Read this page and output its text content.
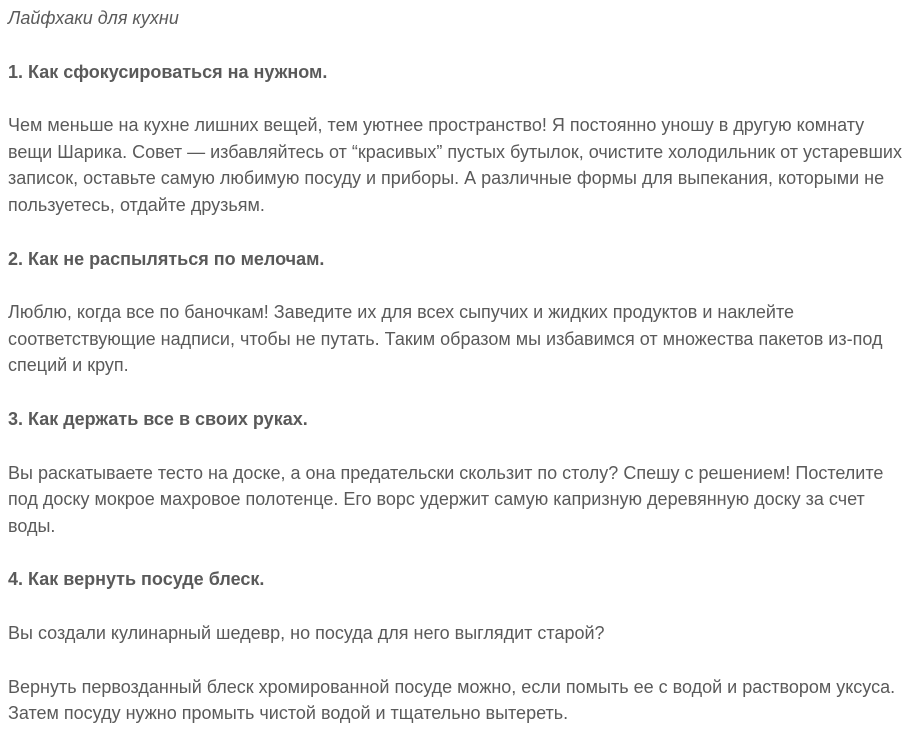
Лайфхаки для кухни

1. Как сфокусироваться на нужном.

Чем меньше на кухне лишних вещей, тем уютнее пространство! Я постоянно уношу в другую комнату вещи Шарика. Совет — избавляйтесь от “красивых” пустых бутылок, очистите холодильник от устаревших записок, оставьте самую любимую посуду и приборы. А различные формы для выпекания, которыми не пользуетесь, отдайте друзьям.

2. Как не распыляться по мелочам.

Люблю, когда все по баночкам! Заведите их для всех сыпучих и жидких продуктов и наклейте соответствующие надписи, чтобы не путать. Таким образом мы избавимся от множества пакетов из-под специй и круп.

3. Как держать все в своих руках.

Вы раскатываете тесто на доске, а она предательски скользит по столу? Спешу с решением! Постелите под доску мокрое махровое полотенце. Его ворс удержит самую капризную деревянную доску за счет воды.

4. Как вернуть посуде блеск.

Вы создали кулинарный шедевр, но посуда для него выглядит старой?

Вернуть первозданный блеск хромированной посуде можно, если помыть ее с водой и раствором уксуса. Затем посуду нужно промыть чистой водой и тщательно вытереть.
